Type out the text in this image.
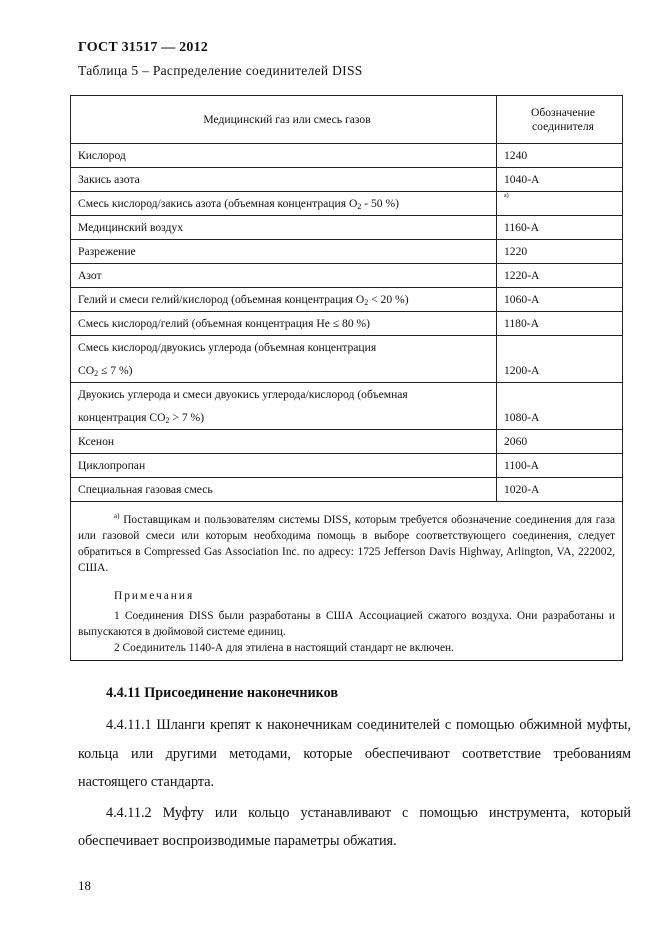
ГОСТ 31517 — 2012
Таблица 5 – Распределение соединителей DISS
Медицинский газ или смесь газов	Обозначение соединителя
Кислород	1240
Закись азота	1040-А
Смесь кислород/закись азота (объемная концентрация $О_2 - 50$ %)	$^{а)}$
Медицинский воздух	1160-А
Разрежение	1220
Азот	1220-А
Гелий и смеси гелий/кислород (объемная концентрация $О_2 < 20$ %)	1060-А
Смесь кислород/гелий (объемная концентрация Не ≤ 80 %)	1180-А
Смесь кислород/двуокись углерода (объемная концентрация
$СО_2 \le 7$ %)	1200-А
Двуокись углерода и смеси двуокись углерода/кислород (объемная
концентрация $СО_2 > 7$ %)	1080-А
Ксенон	2060
Циклопропан	1100-А
Специальная газовая смесь	1020-А

$^{а)}$ Поставщикам и пользователям системы DISS, которым требуется обозначение соединения для газа или газовой смеси или которым необходима помощь в выборе соответствующего соединения, следует обратиться в Compressed Gas Association Inc. по адресу: 1725 Jefferson Davis Highway, Arlington, VA, 222002, США.

Примечания

1 Соединения DISS были разработаны в США Ассоциацией сжатого воздуха. Они разработаны и выпускаются в дюймовой системе единиц.

2 Соединитель 1140-А для этилена в настоящий стандарт не включен.	

4.4.11 Присоединение наконечников

4.4.11.1 Шланги крепят к наконечникам соединителей с помощью обжимной муфты, кольца или другими методами, которые обеспечивают соответствие требованиям настоящего стандарта.

4.4.11.2 Муфту или кольцо устанавливают с помощью инструмента, который обеспечивает воспроизводимые параметры обжатия.

18
